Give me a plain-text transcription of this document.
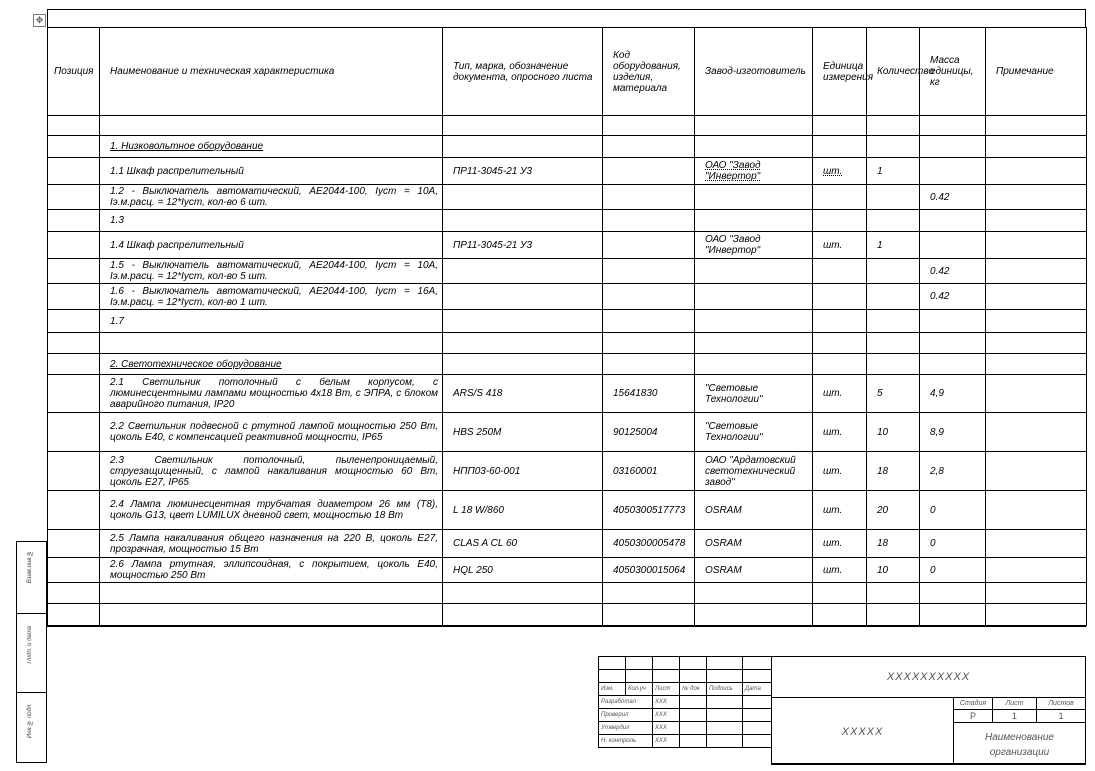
✥
Позиция	Наименование и техническая характеристика	Тип, марка, обозначение документа, опросного листа	Код оборудования, изделия, материала	Завод-изготовитель	Единица измерения	Количество	Масса единицы, кг	Примечание

	1. Низковольтное оборудование							
	1.1 Шкаф распрелительный	ПР11-3045-21 У3		ОАО "Завод "Инвертор"	шт.	1		
	1.2 - Выключатель автоматический, АЕ2044-100, Iуст = 10А, Iэ.м.расц. = 12*Iуст, кол-во 6 шт.						0.42	
	1.3							
	1.4 Шкаф распрелительный	ПР11-3045-21 У3		ОАО "Завод "Инвертор"	шт.	1		
	1.5 - Выключатель автоматический, АЕ2044-100, Iуст = 10А, Iэ.м.расц. = 12*Iуст, кол-во 5 шт.						0.42	
	1.6 - Выключатель автоматический, АЕ2044-100, Iуст = 16А, Iэ.м.расц. = 12*Iуст, кол-во 1 шт.						0.42	
	1.7							

	2. Светотехническое оборудование							
	2.1 Светильник потолочный с белым корпусом, с люминесцентными лампами мощностью 4х18 Вт, с ЭПРА, с блоком аварийного питания, IP20	ARS/S 418	15641830	"Световые Технологии"	шт.	5	4,9	
	2.2 Светильник подвесной с ртутной лампой мощностью 250 Вт, цоколь Е40, с компенсацией реактивной мощности, IP65	HBS 250M	90125004	"Световые Технологии"	шт.	10	8,9	
	2.3 Светильник потолочный, пыленепроницаемый, струезащищенный, с лампой накаливания мощностью 60 Вт, цоколь Е27, IP65	НПП03-60-001	03160001	ОАО "Ардатовский светотехнический завод"	шт.	18	2,8	
	2.4 Лампа люминесцентная трубчатая диаметром 26 мм (Т8), цоколь G13, цвет LUMILUX дневной свет, мощностью 18 Вт	L 18 W/860	4050300517773	OSRAM	шт.	20	0	
	2.5 Лампа накаливания общего назначения на 220 В, цоколь Е27, прозрачная, мощностью 15 Вт	CLAS A CL 60	4050300005478	OSRAM	шт.	18	0	
	2.6 Лампа ртутная, эллипсоидная, с покрытием, цоколь Е40, мощностью 250 Вт	HQL 250	4050300015064	OSRAM	шт.	10	0	

Взам.инв.№
Подп. и дата
Инв.№ подл.

Изм.	Кол.уч	Лист	№ док	Подпись	Дата
Разработал		ХХХ			
Проверил		ХХХ			
Утвердил		ХХХ			
Н. контроль		ХХХ			
ХХХХХХХХХХ
ХХХХХ
Стадия	Лист	Листов
Р	1	1
Наименование организации
